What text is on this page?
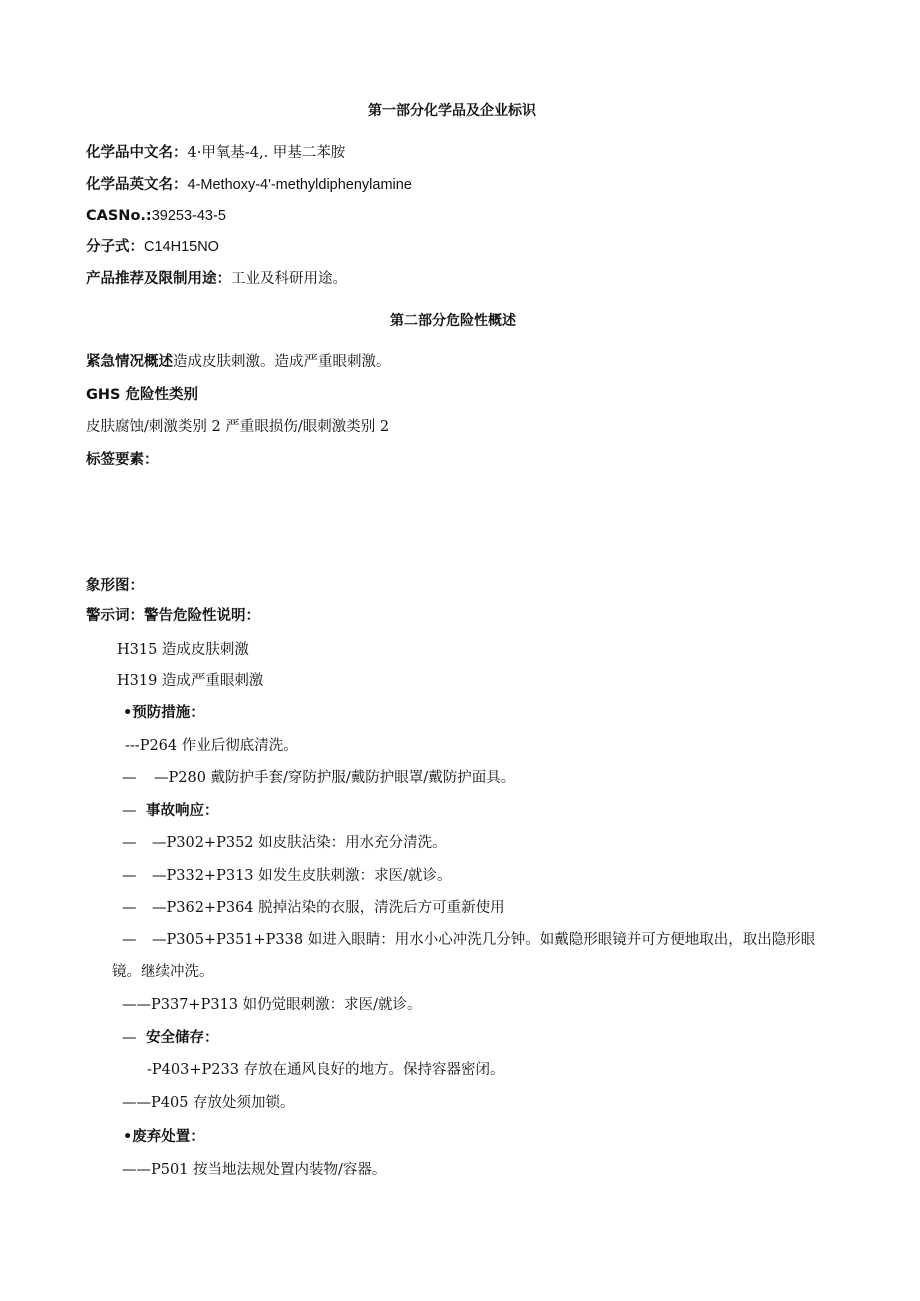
第一部分化学品及企业标识
化学品中文名：4·甲氧基-4,. 甲基二苯胺
化学品英文名：4-Methoxy-4'-methyldiphenylamine
CASNo.:39253-43-5
分子式：C14H15NO
产品推荐及限制用途：工业及科研用途。
第二部分危险性概述
紧急情况概述造成皮肤刺激。造成严重眼刺激。
GHS 危险性类别
皮肤腐蚀/刺激类别 2 严重眼损伤/眼刺激类别 2
标签要素：
象形图：
警示词：警告危险性说明：
H315 造成皮肤刺激
H319 造成严重眼刺激
•预防措施：
---P264 作业后彻底清洗。
— —P280 戴防护手套/穿防护服/戴防护眼罩/戴防护面具。
— 事故响应：
— —P302+P352 如皮肤沾染：用水充分清洗。
— —P332+P313 如发生皮肤刺激：求医/就诊。
— —P362+P364 脱掉沾染的衣服，清洗后方可重新使用
— —P305+P351+P338 如进入眼睛：用水小心冲洗几分钟。如戴隐形眼镜并可方便地取出，取出隐形眼
镜。继续冲洗。
——P337+P313 如仍觉眼刺激：求医/就诊。
— 安全储存：
-P403+P233 存放在通风良好的地方。保持容器密闭。
——P405 存放处须加锁。
•废弃处置：
——P501 按当地法规处置内装物/容器。
